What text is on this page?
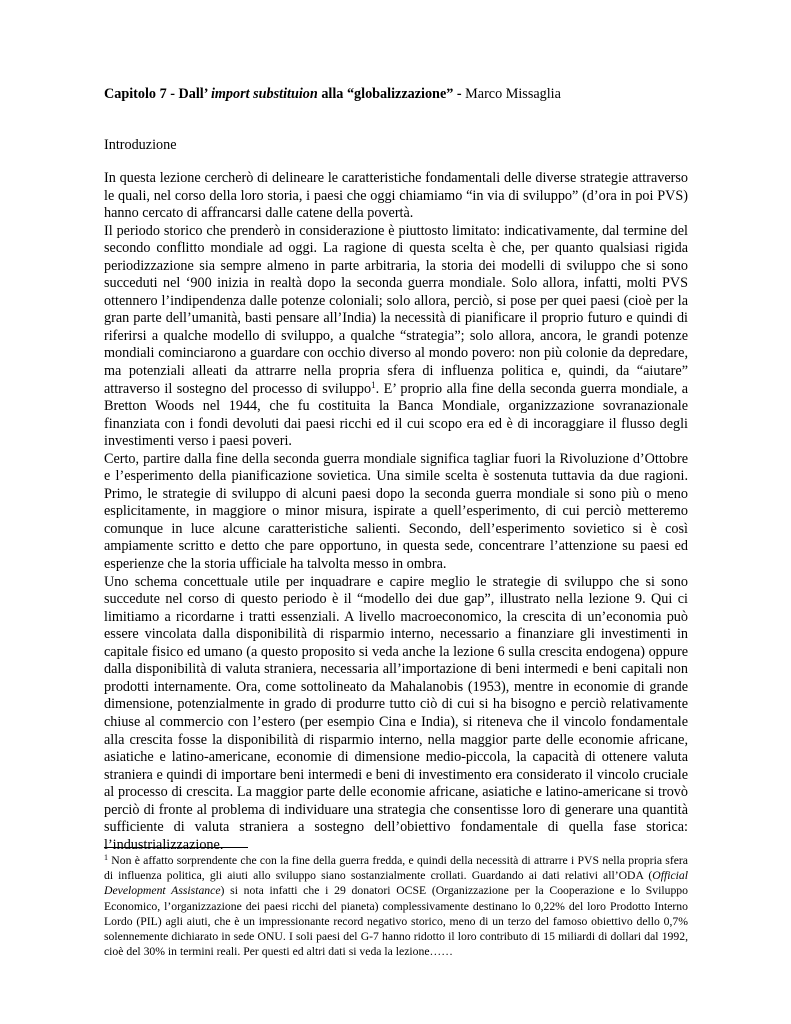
Capitolo 7 - Dall’ import substituion alla “globalizzazione” - Marco Missaglia
Introduzione

In questa lezione cercherò di delineare le caratteristiche fondamentali delle diverse strategie attraverso le quali, nel corso della loro storia, i paesi che oggi chiamiamo “in via di sviluppo” (d’ora in poi PVS) hanno cercato di affrancarsi dalle catene della povertà.

Il periodo storico che prenderò in considerazione è piuttosto limitato: indicativamente, dal termine del secondo conflitto mondiale ad oggi. La ragione di questa scelta è che, per quanto qualsiasi rigida periodizzazione sia sempre almeno in parte arbitraria, la storia dei modelli di sviluppo che si sono succeduti nel ‘900 inizia in realtà dopo la seconda guerra mondiale. Solo allora, infatti, molti PVS ottennero l’indipendenza dalle potenze coloniali; solo allora, perciò, si pose per quei paesi (cioè per la gran parte dell’umanità, basti pensare all’India) la necessità di pianificare il proprio futuro e quindi di riferirsi a qualche modello di sviluppo, a qualche “strategia”; solo allora, ancora, le grandi potenze mondiali cominciarono a guardare con occhio diverso al mondo povero: non più colonie da depredare, ma potenziali alleati da attrarre nella propria sfera di influenza politica e, quindi, da “aiutare” attraverso il sostegno del processo di sviluppo$^1$. E’ proprio alla fine della seconda guerra mondiale, a Bretton Woods nel 1944, che fu costituita la Banca Mondiale, organizzazione sovranazionale finanziata con i fondi devoluti dai paesi ricchi ed il cui scopo era ed è di incoraggiare il flusso degli investimenti verso i paesi poveri.

Certo, partire dalla fine della seconda guerra mondiale significa tagliar fuori la Rivoluzione d’Ottobre e l’esperimento della pianificazione sovietica. Una simile scelta è sostenuta tuttavia da due ragioni. Primo, le strategie di sviluppo di alcuni paesi dopo la seconda guerra mondiale si sono più o meno esplicitamente, in maggiore o minor misura, ispirate a quell’esperimento, di cui perciò metteremo comunque in luce alcune caratteristiche salienti. Secondo, dell’esperimento sovietico si è così ampiamente scritto e detto che pare opportuno, in questa sede, concentrare l’attenzione su paesi ed esperienze che la storia ufficiale ha talvolta messo in ombra.

Uno schema concettuale utile per inquadrare e capire meglio le strategie di sviluppo che si sono succedute nel corso di questo periodo è il “modello dei due gap”, illustrato nella lezione 9. Qui ci limitiamo a ricordarne i tratti essenziali. A livello macroeconomico, la crescita di un’economia può essere vincolata dalla disponibilità di risparmio interno, necessario a finanziare gli investimenti in capitale fisico ed umano (a questo proposito si veda anche la lezione 6 sulla crescita endogena) oppure dalla disponibilità di valuta straniera, necessaria all’importazione di beni intermedi e beni capitali non prodotti internamente. Ora, come sottolineato da Mahalanobis (1953), mentre in economie di grande dimensione, potenzialmente in grado di produrre tutto ciò di cui si ha bisogno e perciò relativamente chiuse al commercio con l’estero (per esempio Cina e India), si riteneva che il vincolo fondamentale alla crescita fosse la disponibilità di risparmio interno, nella maggior parte delle economie africane, asiatiche e latino-americane, economie di dimensione medio-piccola, la capacità di ottenere valuta straniera e quindi di importare beni intermedi e beni di investimento era considerato il vincolo cruciale al processo di crescita. La maggior parte delle economie africane, asiatiche e latino-americane si trovò perciò di fronte al problema di individuare una strategia che consentisse loro di generare una quantità sufficiente di valuta straniera a sostegno dell’obiettivo fondamentale di quella fase storica: l’industrializzazione.

$^1$ Non è affatto sorprendente che con la fine della guerra fredda, e quindi della necessità di attrarre i PVS nella propria sfera di influenza politica, gli aiuti allo sviluppo siano sostanzialmente crollati. Guardando ai dati relativi all’ODA (Official Development Assistance) si nota infatti che i 29 donatori OCSE (Organizzazione per la Cooperazione e lo Sviluppo Economico, l’organizzazione dei paesi ricchi del pianeta) complessivamente destinano lo 0,22% del loro Prodotto Interno Lordo (PIL) agli aiuti, che è un impressionante record negativo storico, meno di un terzo del famoso obiettivo dello 0,7% solennemente dichiarato in sede ONU. I soli paesi del G-7 hanno ridotto il loro contributo di 15 miliardi di dollari dal 1992, cioè del 30% in termini reali. Per questi ed altri dati si veda la lezione……
